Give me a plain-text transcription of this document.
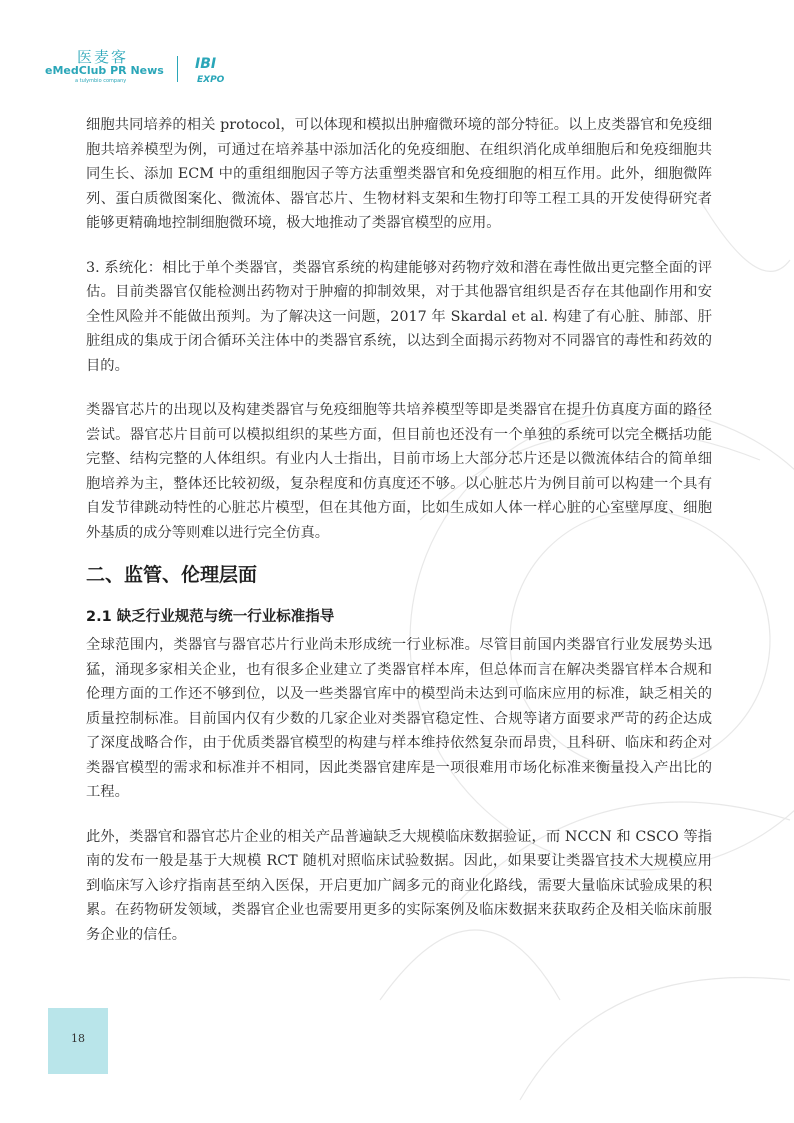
医麦客
eMedClub PR News
a tulymbio company
IBI
EXPO

细胞共同培养的相关 protocol，可以体现和模拟出肿瘤微环境的部分特征。以上皮类器官和免疫细胞共培养模型为例，可通过在培养基中添加活化的免疫细胞、在组织消化成单细胞后和免疫细胞共同生长、添加 ECM 中的重组细胞因子等方法重塑类器官和免疫细胞的相互作用。此外，细胞微阵列、蛋白质微图案化、微流体、器官芯片、生物材料支架和生物打印等工程工具的开发使得研究者能够更精确地控制细胞微环境，极大地推动了类器官模型的应用。

3. 系统化：相比于单个类器官，类器官系统的构建能够对药物疗效和潜在毒性做出更完整全面的评估。目前类器官仅能检测出药物对于肿瘤的抑制效果，对于其他器官组织是否存在其他副作用和安全性风险并不能做出预判。为了解决这一问题，2017 年 Skardal et al. 构建了有心脏、肺部、肝脏组成的集成于闭合循环关注体中的类器官系统，以达到全面揭示药物对不同器官的毒性和药效的目的。

类器官芯片的出现以及构建类器官与免疫细胞等共培养模型等即是类器官在提升仿真度方面的路径尝试。器官芯片目前可以模拟组织的某些方面，但目前也还没有一个单独的系统可以完全概括功能完整、结构完整的人体组织。有业内人士指出，目前市场上大部分芯片还是以微流体结合的简单细胞培养为主，整体还比较初级，复杂程度和仿真度还不够。以心脏芯片为例目前可以构建一个具有自发节律跳动特性的心脏芯片模型，但在其他方面，比如生成如人体一样心脏的心室壁厚度、细胞外基质的成分等则难以进行完全仿真。

二、监管、伦理层面
2.1 缺乏行业规范与统一行业标准指导

全球范围内，类器官与器官芯片行业尚未形成统一行业标准。尽管目前国内类器官行业发展势头迅猛，涌现多家相关企业，也有很多企业建立了类器官样本库，但总体而言在解决类器官样本合规和伦理方面的工作还不够到位，以及一些类器官库中的模型尚未达到可临床应用的标准，缺乏相关的质量控制标准。目前国内仅有少数的几家企业对类器官稳定性、合规等诸方面要求严苛的药企达成了深度战略合作，由于优质类器官模型的构建与样本维持依然复杂而昂贵，且科研、临床和药企对类器官模型的需求和标准并不相同，因此类器官建库是一项很难用市场化标准来衡量投入产出比的工程。

此外，类器官和器官芯片企业的相关产品普遍缺乏大规模临床数据验证，而 NCCN 和 CSCO 等指南的发布一般是基于大规模 RCT 随机对照临床试验数据。因此，如果要让类器官技术大规模应用到临床写入诊疗指南甚至纳入医保，开启更加广阔多元的商业化路线，需要大量临床试验成果的积累。在药物研发领域，类器官企业也需要用更多的实际案例及临床数据来获取药企及相关临床前服务企业的信任。

18
